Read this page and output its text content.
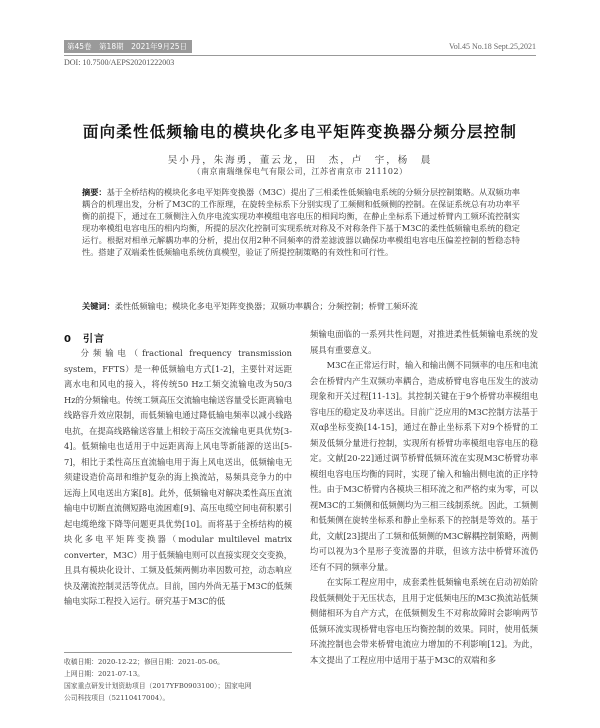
第45卷　第18期　2021年9月25日	Vol.45 No.18 Sept.25,2021
DOI: 10.7500/AEPS20201222003
面向柔性低频输电的模块化多电平矩阵变换器分频分层控制
吴小丹，朱海勇，董云龙，田　杰，卢　宇，杨　晨
（南京南瑞继保电气有限公司，江苏省南京市 211102）
摘要：基于全桥结构的模块化多电平矩阵变换器（M3C）提出了三相柔性低频输电系统的分频分层控制策略。从双频功率耦合的机理出发，分析了M3C的工作原理，在旋转坐标系下分别实现了工频侧和低频侧的控制。在保证系统总有功功率平衡的前提下，通过在工频侧注入负序电流实现功率模组电容电压的相间均衡，在静止坐标系下通过桥臂内工频环流控制实现功率模组电容电压的相内均衡，所提的层次化控制可实现系统对称及不对称条件下基于M3C的柔性低频输电系统的稳定运行。根据对相单元解耦功率的分析，提出仅用2种不同频率的滑差滤波器以确保功率模组电容电压偏差控制的暂稳态特性。搭建了双端柔性低频输电系统仿真模型，验证了所提控制策略的有效性和可行性。
关键词：柔性低频输电；模块化多电平矩阵变换器；双频功率耦合；分频控制；桥臂工频环流
0　引言

分频输电（fractional frequency transmission system，FFTS）是一种低频输电方式[1-2]，主要针对远距离水电和风电的接入，将传统50 Hz工频交流输电改为50/3 Hz的分频输电。传统工频高压交流输电输送容量受长距离输电线路容升效应限制，而低频输电通过降低输电频率以减小线路电抗，在提高线路输送容量上相较于高压交流输电更具优势[3-4]。低频输电也适用于中远距离海上风电等新能源的送出[5-7]，相比于柔性高压直流输电用于海上风电送出，低频输电无须建设造价高昂和维护复杂的海上换流站，易频具竞争力的中远海上风电送出方案[8]。此外，低频输电对解决柔性高压直流输电中切断直流侧短路电流困难[9]、高压电缆空间电荷积累引起电缆绝缘下降等问题更具优势[10]。而将基于全桥结构的模块化多电平矩阵变换器（modular multilevel matrix converter，M3C）用于低频输电则可以直接实现交交变换，且具有模块化设计、工频及低频两侧功率因数可控，动态响应快及潮流控制灵活等优点。目前，国内外尚无基于M3C的低频输电实际工程投入运行。研究基于M3C的低

频输电面临的一系列共性问题，对推进柔性低频输电系统的发展具有重要意义。

M3C在正常运行时，输入和输出侧不同频率的电压和电流会在桥臂内产生双频功率耦合，造成桥臂电容电压发生的波动现象和开关过程[11-13]。其控制关键在于9个桥臂功率模组电容电压的稳定及功率送出。目前广泛应用的M3C控制方法基于双αβ坐标变换[14-15]，通过在静止坐标系下对9个桥臂的工频及低频分量进行控制，实现所有桥臂功率模组电容电压的稳定。文献[20-22]通过调节桥臂低频环流在实现M3C桥臂功率模组电容电压均衡的同时，实现了输入和输出侧电流的正序特性。由于M3C桥臂内各模块三相环流之和严格约束为零，可以视M3C的工频侧和低频侧均为三相三线制系统。因此，工频侧和低频侧在旋转坐标系和静止坐标系下的控制是等效的。基于此，文献[23]提出了工频和低频侧的M3C解耦控制策略，两侧均可以视为3个星形子变流器的并联，但该方法中桥臂环流仍还有不同的频率分量。

在实际工程应用中，成套柔性低频输电系统在启动初始阶段低频侧处于无压状态，且用于定低频电压的M3C换流站低频侧储相环为自产方式，在低频侧发生不对称故障时会影响两节低频环流实现桥臂电容电压均衡控制的效果。同时，使用低频环流控制也会带来桥臂电流应力增加的不利影响[12]。为此，本文提出了工程应用中适用于基于M3C的双端和多

收稿日期：2020-12-22；修回日期：2021-05-06。
上网日期：2021-07-13。
国家重点研发计划资助项目（2017YFB0903100）；国家电网
公司科技项目（52110417004）。
